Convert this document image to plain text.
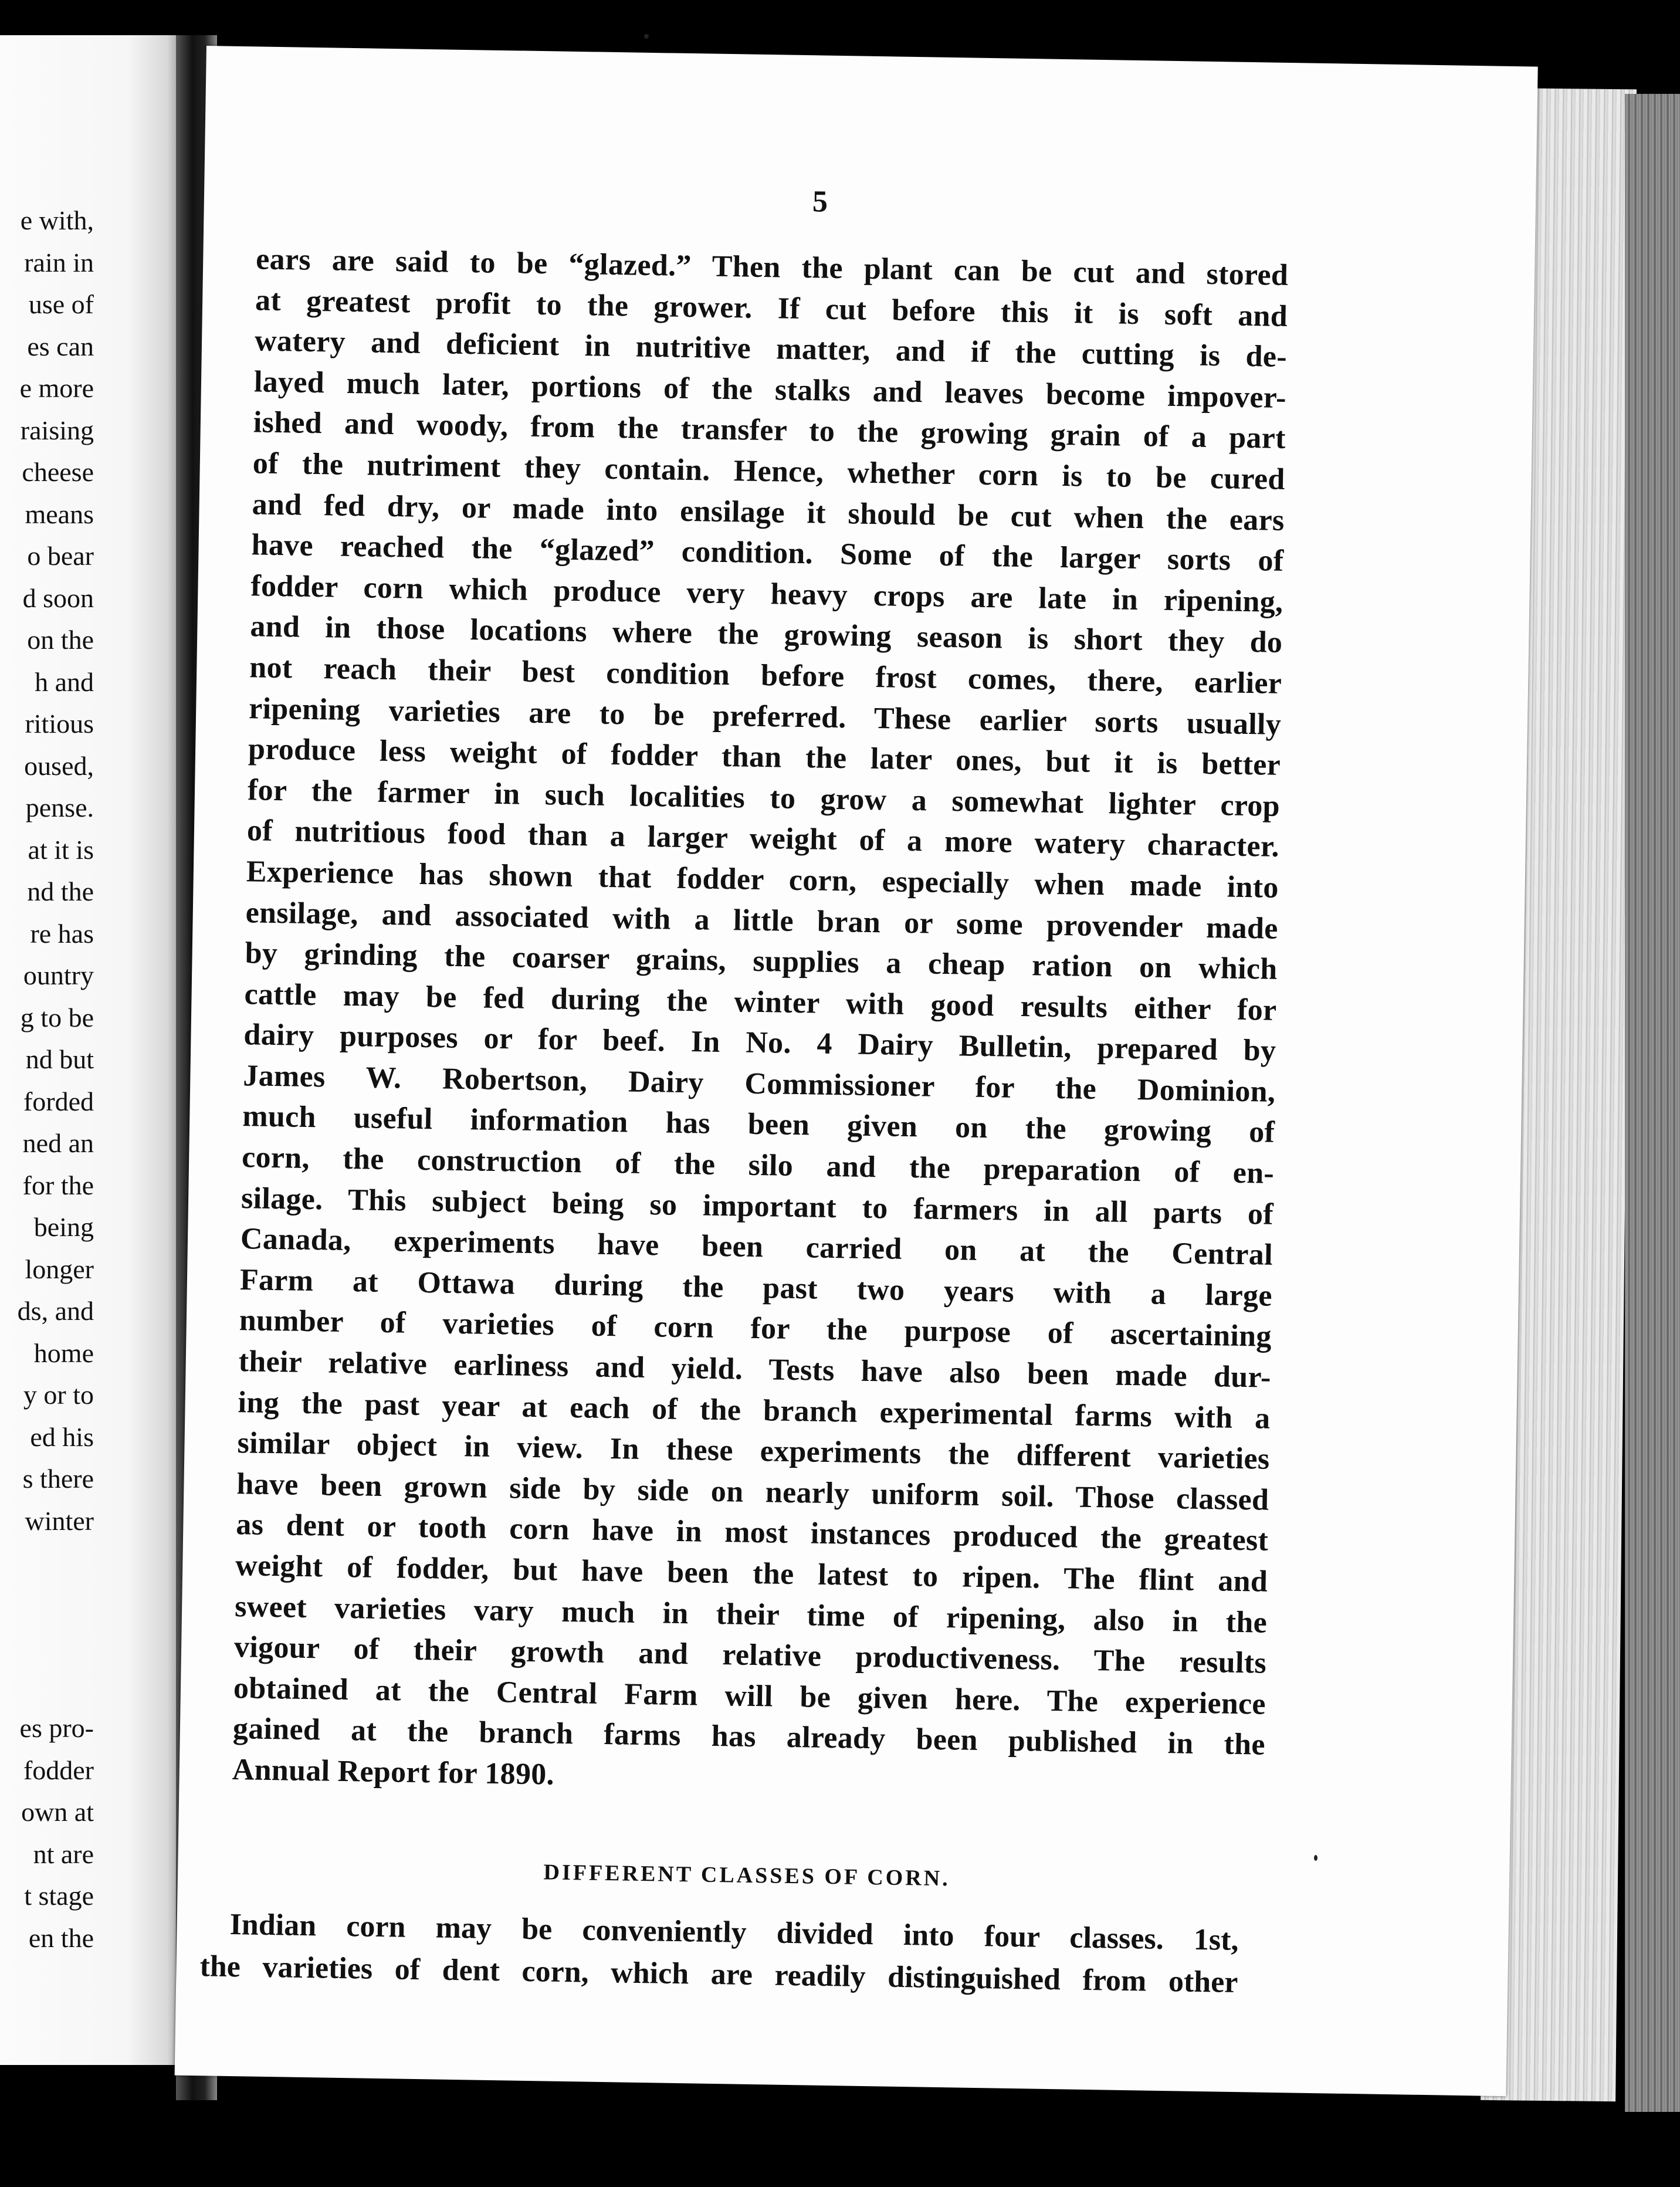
e with,
rain in
use of
es can
e more
raising
cheese
means
o bear
d soon
on the
h and
ritious
oused,
pense.
at it is
nd the
re has
ountry
g to be
nd but
forded
ned an
for the
being
longer
ds, and
home
y or to
ed his
s there
winter
es pro-
fodder
own at
nt are
t stage
en the
5
ears are said to be “glazed.” Then the plant can be cut and stored
at greatest profit to the grower. If cut before this it is soft and
watery and deficient in nutritive matter, and if the cutting is de-
layed much later, portions of the stalks and leaves become impover-
ished and woody, from the transfer to the growing grain of a part
of the nutriment they contain. Hence, whether corn is to be cured
and fed dry, or made into ensilage it should be cut when the ears
have reached the “glazed” condition. Some of the larger sorts of
fodder corn which produce very heavy crops are late in ripening,
and in those locations where the growing season is short they do
not reach their best condition before frost comes, there, earlier
ripening varieties are to be preferred. These earlier sorts usually
produce less weight of fodder than the later ones, but it is better
for the farmer in such localities to grow a somewhat lighter crop
of nutritious food than a larger weight of a more watery character.
Experience has shown that fodder corn, especially when made into
ensilage, and associated with a little bran or some provender made
by grinding the coarser grains, supplies a cheap ration on which
cattle may be fed during the winter with good results either for
dairy purposes or for beef. In No. 4 Dairy Bulletin, prepared by
James W. Robertson, Dairy Commissioner for the Dominion,
much useful information has been given on the growing of
corn, the construction of the silo and the preparation of en-
silage. This subject being so important to farmers in all parts of
Canada, experiments have been carried on at the Central
Farm at Ottawa during the past two years with a large
number of varieties of corn for the purpose of ascertaining
their relative earliness and yield. Tests have also been made dur-
ing the past year at each of the branch experimental farms with a
similar object in view. In these experiments the different varieties
have been grown side by side on nearly uniform soil. Those classed
as dent or tooth corn have in most instances produced the greatest
weight of fodder, but have been the latest to ripen. The flint and
sweet varieties vary much in their time of ripening, also in the
vigour of their growth and relative productiveness. The results
obtained at the Central Farm will be given here. The experience
gained at the branch farms has already been published in the
Annual Report for 1890.
DIFFERENT CLASSES OF CORN.
Indian corn may be conveniently divided into four classes. 1st,
the varieties of dent corn, which are readily distinguished from other
